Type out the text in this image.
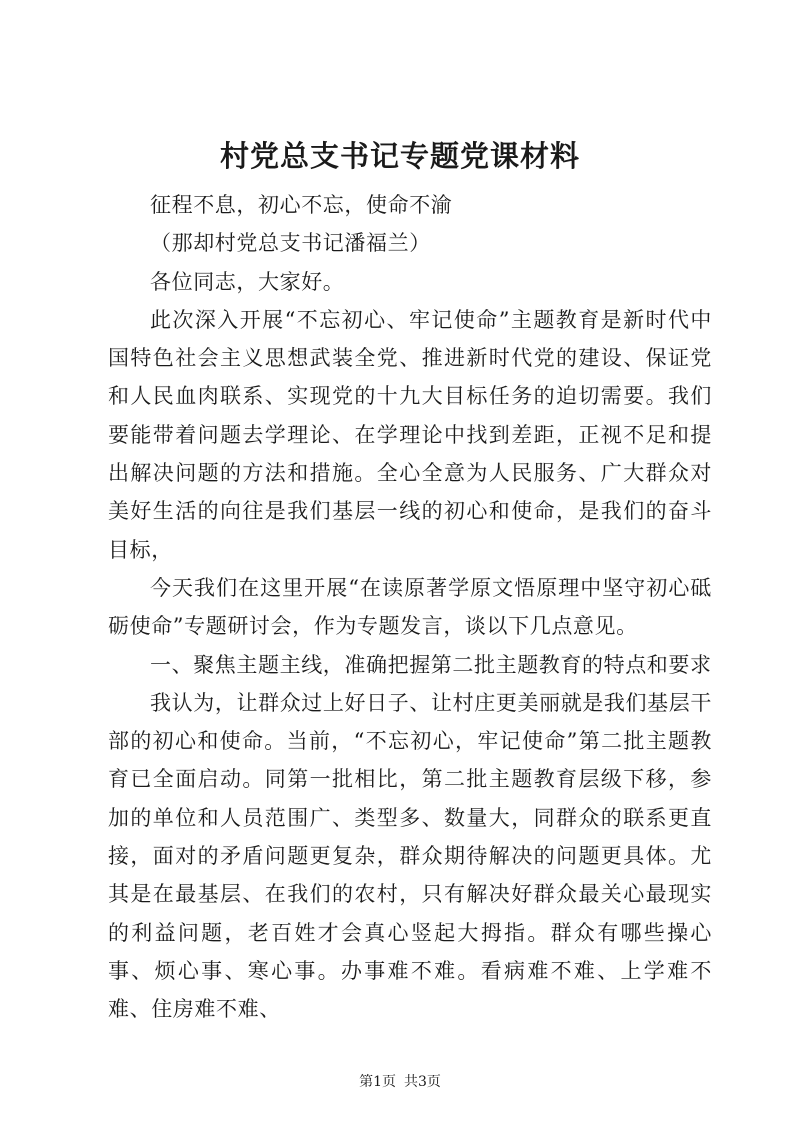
村党总支书记专题党课材料

征程不息，初心不忘，使命不渝

（那却村党总支书记潘福兰）

各位同志，大家好。

此次深入开展“不忘初心、牢记使命”主题教育是新时代中国特色社会主义思想武装全党、推进新时代党的建设、保证党和人民血肉联系、实现党的十九大目标任务的迫切需要。我们要能带着问题去学理论、在学理论中找到差距，正视不足和提出解决问题的方法和措施。全心全意为人民服务、广大群众对美好生活的向往是我们基层一线的初心和使命，是我们的奋斗目标，

今天我们在这里开展“在读原著学原文悟原理中坚守初心砥砺使命”专题研讨会，作为专题发言，谈以下几点意见。

一、聚焦主题主线，准确把握第二批主题教育的特点和要求

我认为，让群众过上好日子、让村庄更美丽就是我们基层干部的初心和使命。当前，“不忘初心，牢记使命”第二批主题教育已全面启动。同第一批相比，第二批主题教育层级下移，参加的单位和人员范围广、类型多、数量大，同群众的联系更直接，面对的矛盾问题更复杂，群众期待解决的问题更具体。尤其是在最基层、在我们的农村，只有解决好群众最关心最现实的利益问题，老百姓才会真心竖起大拇指。群众有哪些操心事、烦心事、寒心事。办事难不难。看病难不难、上学难不难、住房难不难、

第1页 共3页
